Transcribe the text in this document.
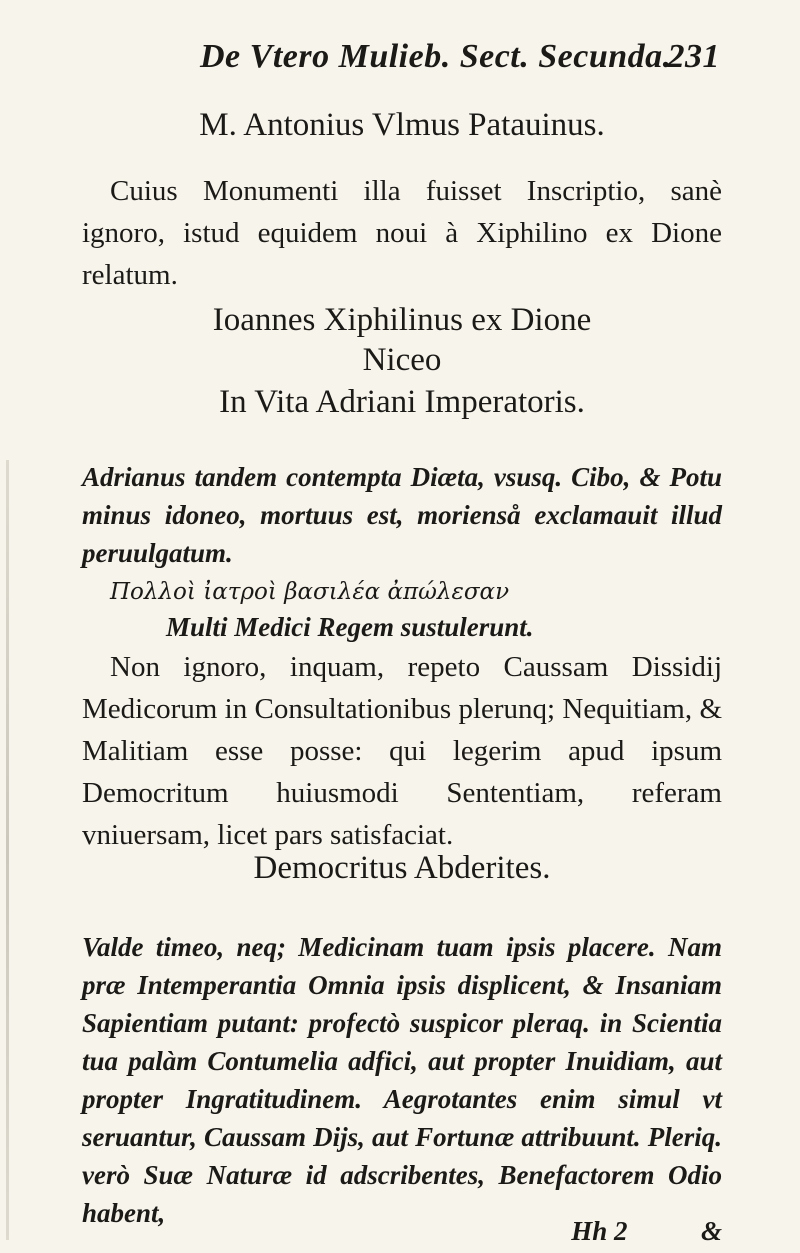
De Vtero Mulieb. Sect. Secunda.
231
M. Antonius Vlmus Patauinus.
Cuius Monumenti illa fuisset Inscriptio, sanè ignoro, istud equidem noui à Xiphilino ex Dione relatum.
Ioannes Xiphilinus ex Dione
Niceo
In Vita Adriani Imperatoris.
Adrianus tandem contempta Diæta, vsusq. Cibo, & Potu minus idoneo, mortuus est, morienså exclamauit illud peruulgatum.
Πολλοὶ ἰατροὶ βασιλέα ἀπώλεσαν
Multi Medici Regem sustulerunt.
Non ignoro, inquam, repeto Caussam Dissidij Medicorum in Consultationibus plerunq; Nequitiam, & Malitiam esse posse: qui legerim apud ipsum Democritum huiusmodi Sententiam, referam vniuersam, licet pars satisfaciat.
Democritus Abderites.
Valde timeo, neq; Medicinam tuam ipsis placere. Nam præ Intemperantia Omnia ipsis displicent, & Insaniam Sapientiam putant: profectò suspicor pleraq. in Scientia tua palàm Contumelia adfici, aut propter Inuidiam, aut propter Ingratitudinem. Aegrotantes enim simul vt seruantur, Caussam Dijs, aut Fortunæ attribuunt. Pleriq. verò Suæ Naturæ id adscribentes, Benefactorem Odio habent,
Hh 2	&
